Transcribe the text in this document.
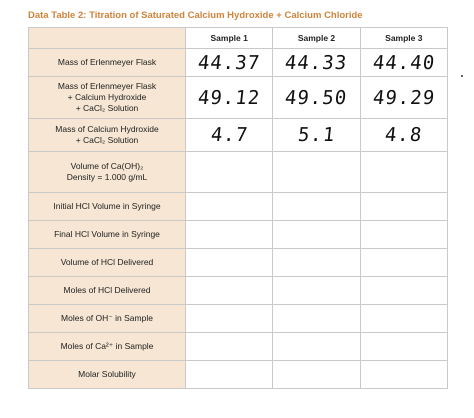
Data Table 2: Titration of Saturated Calcium Hydroxide + Calcium Chloride
	Sample 1	Sample 2	Sample 3

Mass of Erlenmeyer Flask	44.37	44.33	44.40

Mass of Erlenmeyer Flask
+ Calcium Hydroxide
+ CaCl₂ Solution	49.12	49.50	49.29

Mass of Calcium Hydroxide
+ CaCl₂ Solution	4.7	5.1	4.8

Volume of Ca(OH)₂
Density = 1.000 g/mL			

Initial HCl Volume in Syringe			
Final HCl Volume in Syringe			
Volume of HCl Delivered			
Moles of HCl Delivered			
Moles of OH⁻ in Sample			
Moles of Ca²⁺ in Sample			
Molar Solubility			
